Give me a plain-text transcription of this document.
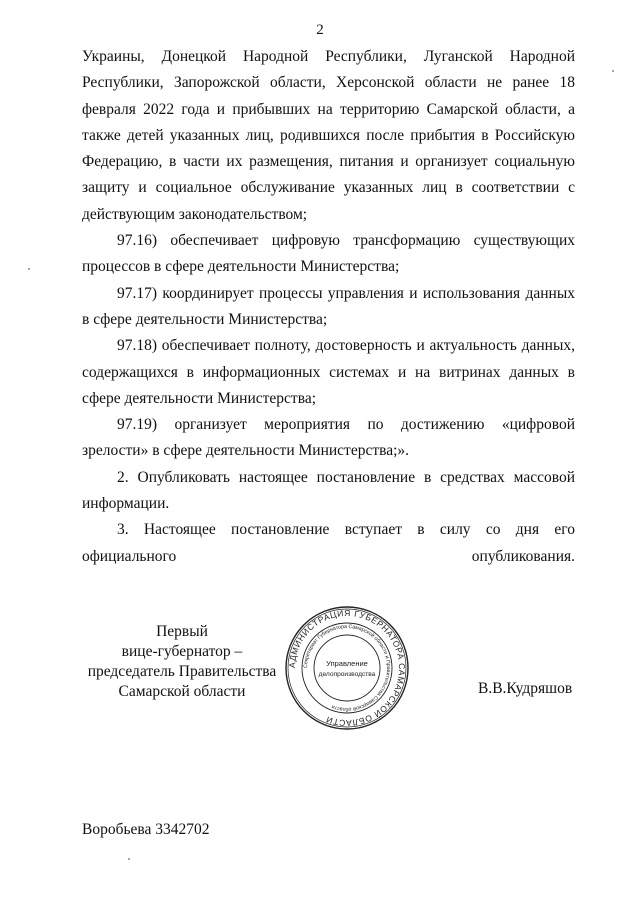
2

Украины, Донецкой Народной Республики, Луганской Народной Республики, Запорожской области, Херсонской области не ранее 18 февраля 2022 года и прибывших на территорию Самарской области, а также детей указанных лиц, родившихся после прибытия в Российскую Федерацию, в части их размещения, питания и организует социальную защиту и социальное обслуживание указанных лиц в соответствии с действующим законодательством;

97.16) обеспечивает цифровую трансформацию существующих процессов в сфере деятельности Министерства;

97.17) координирует процессы управления и использования данных в сфере деятельности Министерства;

97.18) обеспечивает полноту, достоверность и актуальность данных, содержащихся в информационных системах и на витринах данных в сфере деятельности Министерства;

97.19) организует мероприятия по достижению «цифровой зрелости» в сфере деятельности Министерства;».

2. Опубликовать настоящее постановление в средствах массовой информации.

3. Настоящее постановление вступает в силу со дня его официального опубликования.

Первый
вице-губернатор –
председатель Правительства
Самарской области
АДМИНИСТРАЦИЯ ГУБЕРНАТОРА САМАРСКОЙ ОБЛАСТИ
Секретариат Губернатора Самарской области и Правительства Самарской области
Управление
делопроизводства
В.В.Кудряшов
Воробьева 3342702
